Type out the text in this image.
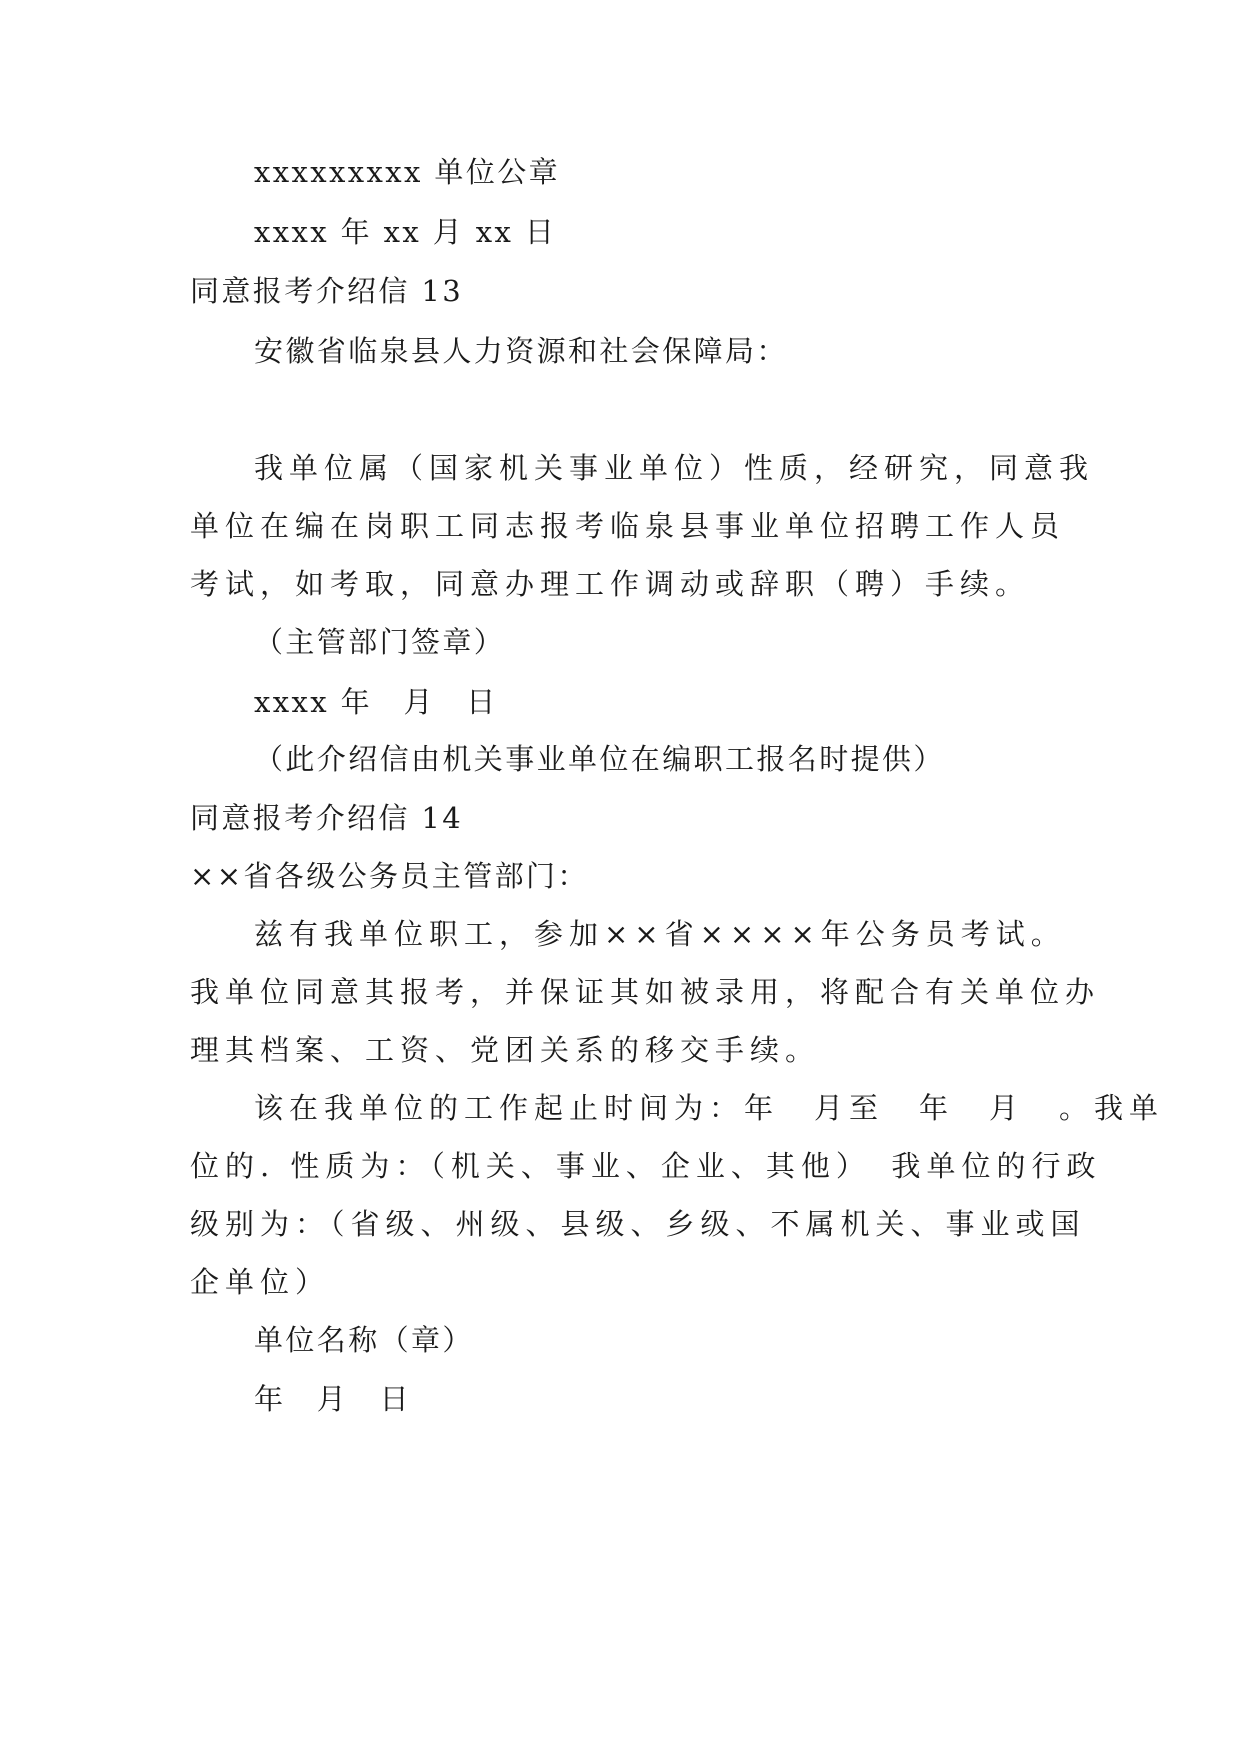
xxxxxxxxx 单位公章
xxxx 年 xx 月 xx 日
同意报考介绍信 13
安徽省临泉县人力资源和社会保障局：
我单位属（国家机关事业单位）性质，经研究，同意我
单位在编在岗职工同志报考临泉县事业单位招聘工作人员
考试，如考取，同意办理工作调动或辞职（聘）手续。
（主管部门签章）
xxxx 年　月　日
（此介绍信由机关事业单位在编职工报名时提供）
同意报考介绍信 14
××省各级公务员主管部门：
兹有我单位职工，参加××省××××年公务员考试。
我单位同意其报考，并保证其如被录用，将配合有关单位办
理其档案、工资、党团关系的移交手续。
该在我单位的工作起止时间为：年　月至　年　月　。我单
位的. 性质为：（机关、事业、企业、其他）　我单位的行政
级别为：（省级、州级、县级、乡级、不属机关、事业或国
企单位）
单位名称（章）
年　月　日
